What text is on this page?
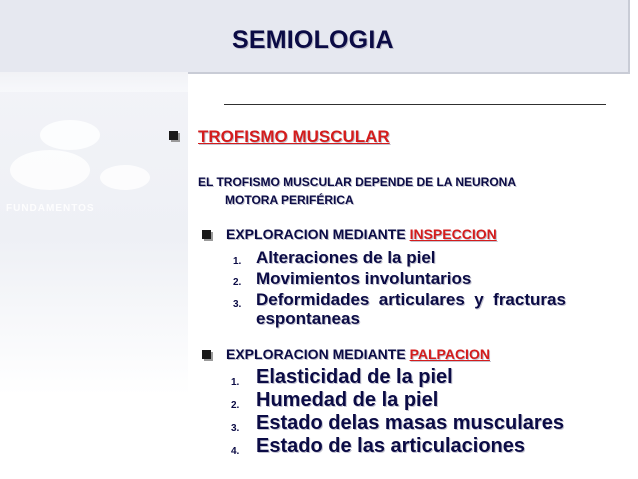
FUNDAMENTOS
SEMIOLOGIA
TROFISMO MUSCULAR
EL TROFISMO MUSCULAR DEPENDE DE LA NEURONA
MOTORA PERIFÉRICA
EXPLORACION MEDIANTE INSPECCION
1. Alteraciones de la piel
2. Movimientos involuntarios
3. Deformidades  articulares  y  fracturas
espontaneas
EXPLORACION MEDIANTE PALPACION
1. Elasticidad de la piel
2. Humedad de la piel
3. Estado delas masas musculares
4. Estado de las articulaciones
